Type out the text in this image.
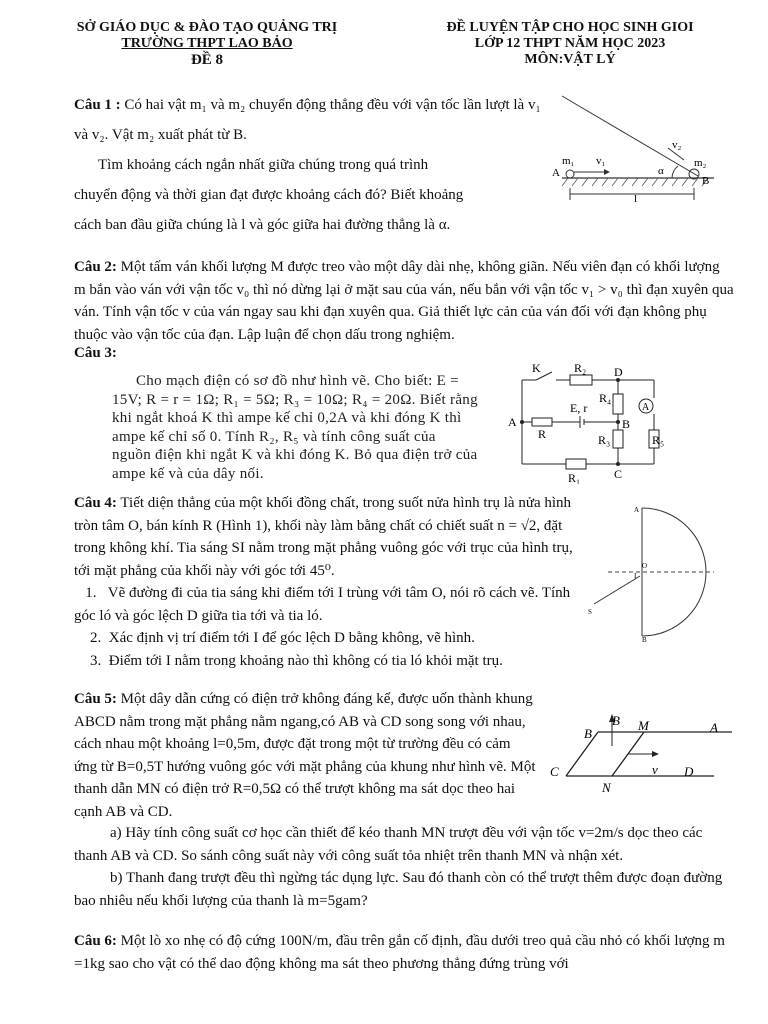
SỞ GIÁO DỤC & ĐÀO TẠO QUẢNG TRỊ
TRƯỜNG THPT LAO BẢO
ĐỀ 8
ĐỀ LUYỆN TẬP CHO HỌC SINH GIOI
LỚP 12 THPT NĂM HỌC 2023
MÔN:VẬT LÝ

Câu 1 : Có hai vật m₁ và m₂ chuyển động thẳng đều với vận tốc lần lượt là v₁ và v₂. Vật m₂ xuất phát từ B.

Tìm khoảng cách ngắn nhất giữa chúng trong quá trình chuyển động và thời gian đạt được khoảng cách đó? Biết khoảng cách ban đầu giữa chúng là l và góc giữa hai đường thẳng là α.

m₁ v₁
v₂
m₂
A
B
l
α

Câu 2: Một tấm ván khối lượng M được treo vào một dây dài nhẹ, không giãn. Nếu viên đạn có khối lượng m bắn vào ván với vận tốc v₀ thì nó dừng lại ở mặt sau của ván, nếu bắn với vận tốc v₁ > v₀ thì đạn xuyên qua ván. Tính vận tốc v của ván ngay sau khi đạn xuyên qua. Giả thiết lực cản của ván đối với đạn không phụ thuộc vào vận tốc của đạn. Lập luận để chọn dấu trong nghiệm.

Câu 3:
Cho mạch điện có sơ đồ như hình vẽ. Cho biết: E = 15V; R = r = 1Ω; R₁ = 5Ω; R₃ = 10Ω; R₄ = 20Ω. Biết rằng khi ngắt khoá K thì ampe kế chỉ 0,2A và khi đóng K thì ampe kế chỉ số 0. Tính R₂, R₅ và tính công suất của nguồn điện khi ngắt K và khi đóng K. Bỏ qua điện trở của ampe kế và của dây nối.
K	R₂ D
R₄
A
E, r
A
R
B
R₃	R₅
C
R₁

Câu 4: Tiết diện thẳng của một khối đồng chất, trong suốt nửa hình trụ là nửa hình tròn tâm O, bán kính R (Hình 1), khối này làm bằng chất có chiết suất n = √2, đặt trong không khí. Tia sáng SI nằm trong mặt phẳng vuông góc với trục của hình trụ, tới mặt phẳng của khối này với góc tới 45⁰.

1.   Vẽ đường đi của tia sáng khi điểm tới I trùng với tâm O, nói rõ cách vẽ. Tính góc ló và góc lệch D giữa tia tới và tia ló.

2.  Xác định vị trí điểm tới I để góc lệch D bằng không, vẽ hình.

3.  Điểm tới I nằm trong khoảng nào thì không có tia ló khỏi mặt trụ.

A
O
I
S
B

Câu 5: Một dây dẫn cứng có điện trở không đáng kể, được uốn thành khung ABCD nằm trong mặt phẳng nằm ngang,có AB và CD song song với nhau, cách nhau một khoảng l=0,5m, được đặt trong một từ trường đều có cảm ứng từ B=0,5T hướng vuông góc với mặt phẳng của khung như hình vẽ. Một thanh dẫn MN có điện trở R=0,5Ω có thể trượt không ma sát dọc theo hai cạnh AB và CD.

a) Hãy tính công suất cơ học cần thiết để kéo thanh MN trượt đều với vận tốc v=2m/s dọc theo các thanh AB và CD. So sánh công suất này với công suất tỏa nhiệt trên thanh MN và nhận xét.

b) Thanh đang trượt đều thì ngừng tác dụng lực. Sau đó thanh còn có thể trượt thêm được đoạn đường bao nhiêu nếu khối lượng của thanh là m=5gam?

B
B M	A
C	v D
N

Câu 6: Một lò xo nhẹ có độ cứng 100N/m, đầu trên gắn cố định, đầu dưới treo quả cầu nhỏ có khối lượng m =1kg sao cho vật có thể dao động không ma sát theo phương thẳng đứng trùng với
